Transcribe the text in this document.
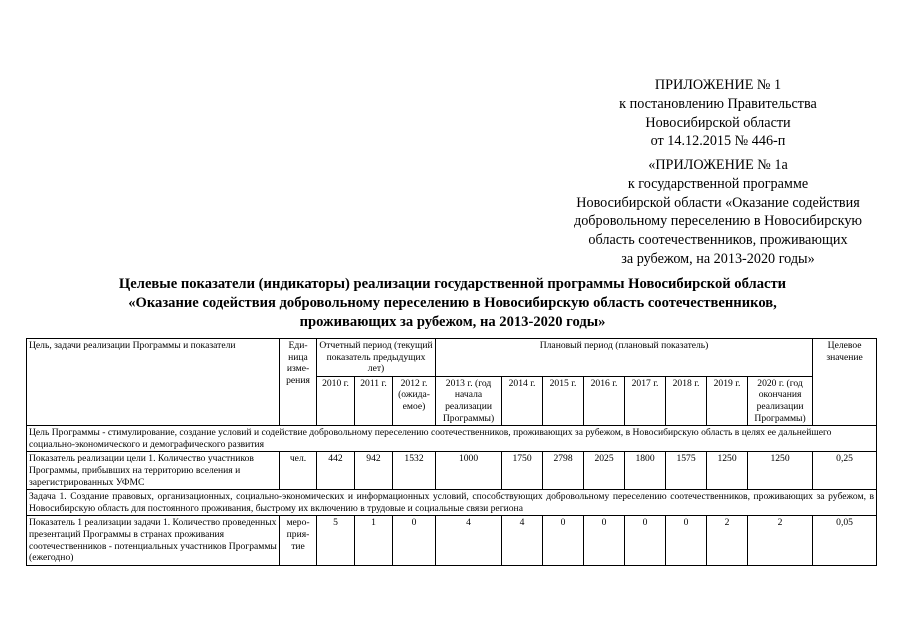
ПРИЛОЖЕНИЕ № 1
к постановлению Правительства
Новосибирской области
от 14.12.2015 № 446-п
«ПРИЛОЖЕНИЕ № 1а
к государственной программе
Новосибирской области «Оказание содействия
добровольному переселению в Новосибирскую
область соотечественников, проживающих
за рубежом, на 2013-2020 годы»
Целевые показатели (индикаторы) реализации государственной программы Новосибирской области
«Оказание содействия добровольному переселению в Новосибирскую область соотечественников,
проживающих за рубежом, на 2013-2020 годы»
Цель, задачи реализации Программы и показатели	Еди-ница изме-рения	Отчетный период (текущий показатель предыдущих лет)			Плановый период (плановый показатель)								Целевое значение
		2010 г.	2011 г.	2012 г. (ожида-емое)	2013 г. (год начала реализации Программы)	2014 г.	2015 г.	2016 г.	2017 г.	2018 г.	2019 г.	2020 г. (год окончания реализации Программы)	
Цель Программы - стимулирование, создание условий и содействие добровольному переселению соотечественников, проживающих за рубежом, в Новосибирскую область в целях ее дальнейшего социально-экономического и демографического развития													
Показатель реализации цели 1. Количество участников Программы, прибывших на территорию вселения и зарегистрированных УФМС	чел.	442	942	1532	1000	1750	2798	2025	1800	1575	1250	1250	0,25
Задача 1. Создание правовых, организационных, социально-экономических и информационных условий, способствующих добровольному переселению соотечественников, проживающих за рубежом, в Новосибирскую область для постоянного проживания, быстрому их включению в трудовые и социальные связи региона													
Показатель 1 реализации задачи 1. Количество проведенных презентаций Программы в странах проживания соотечественников - потенциальных участников Программы (ежегодно)	меро-прия-тие	5	1	0	4	4	0	0	0	0	2	2	0,05
